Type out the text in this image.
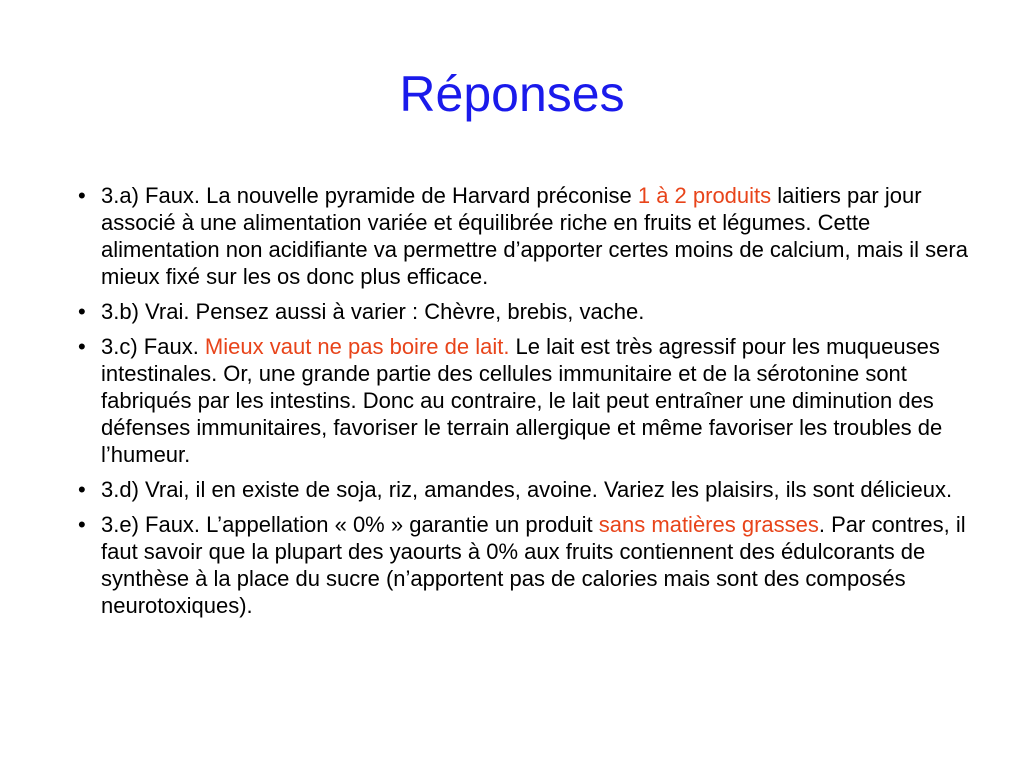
Réponses
• 3.a) Faux. La nouvelle pyramide de Harvard préconise 1 à 2 produits laitiers par jour associé à une alimentation variée et équilibrée riche en fruits et légumes. Cette alimentation non acidifiante va permettre d’apporter certes moins de calcium, mais il sera mieux fixé sur les os donc plus efficace.
• 3.b) Vrai. Pensez aussi à varier : Chèvre, brebis, vache.
• 3.c) Faux. Mieux vaut ne pas boire de lait. Le lait est très agressif pour les muqueuses intestinales. Or, une grande partie des cellules immunitaire et de la sérotonine sont fabriqués par les intestins. Donc au contraire, le lait peut entraîner une diminution des défenses immunitaires, favoriser le terrain allergique et même favoriser les troubles de l’humeur.
• 3.d) Vrai, il en existe de soja, riz, amandes, avoine. Variez les plaisirs, ils sont délicieux.
• 3.e) Faux. L’appellation « 0% » garantie un produit sans matières grasses. Par contres, il faut savoir que la plupart des yaourts à 0% aux fruits contiennent des édulcorants de synthèse à la place du sucre (n’apportent pas de calories mais sont des composés neurotoxiques).
